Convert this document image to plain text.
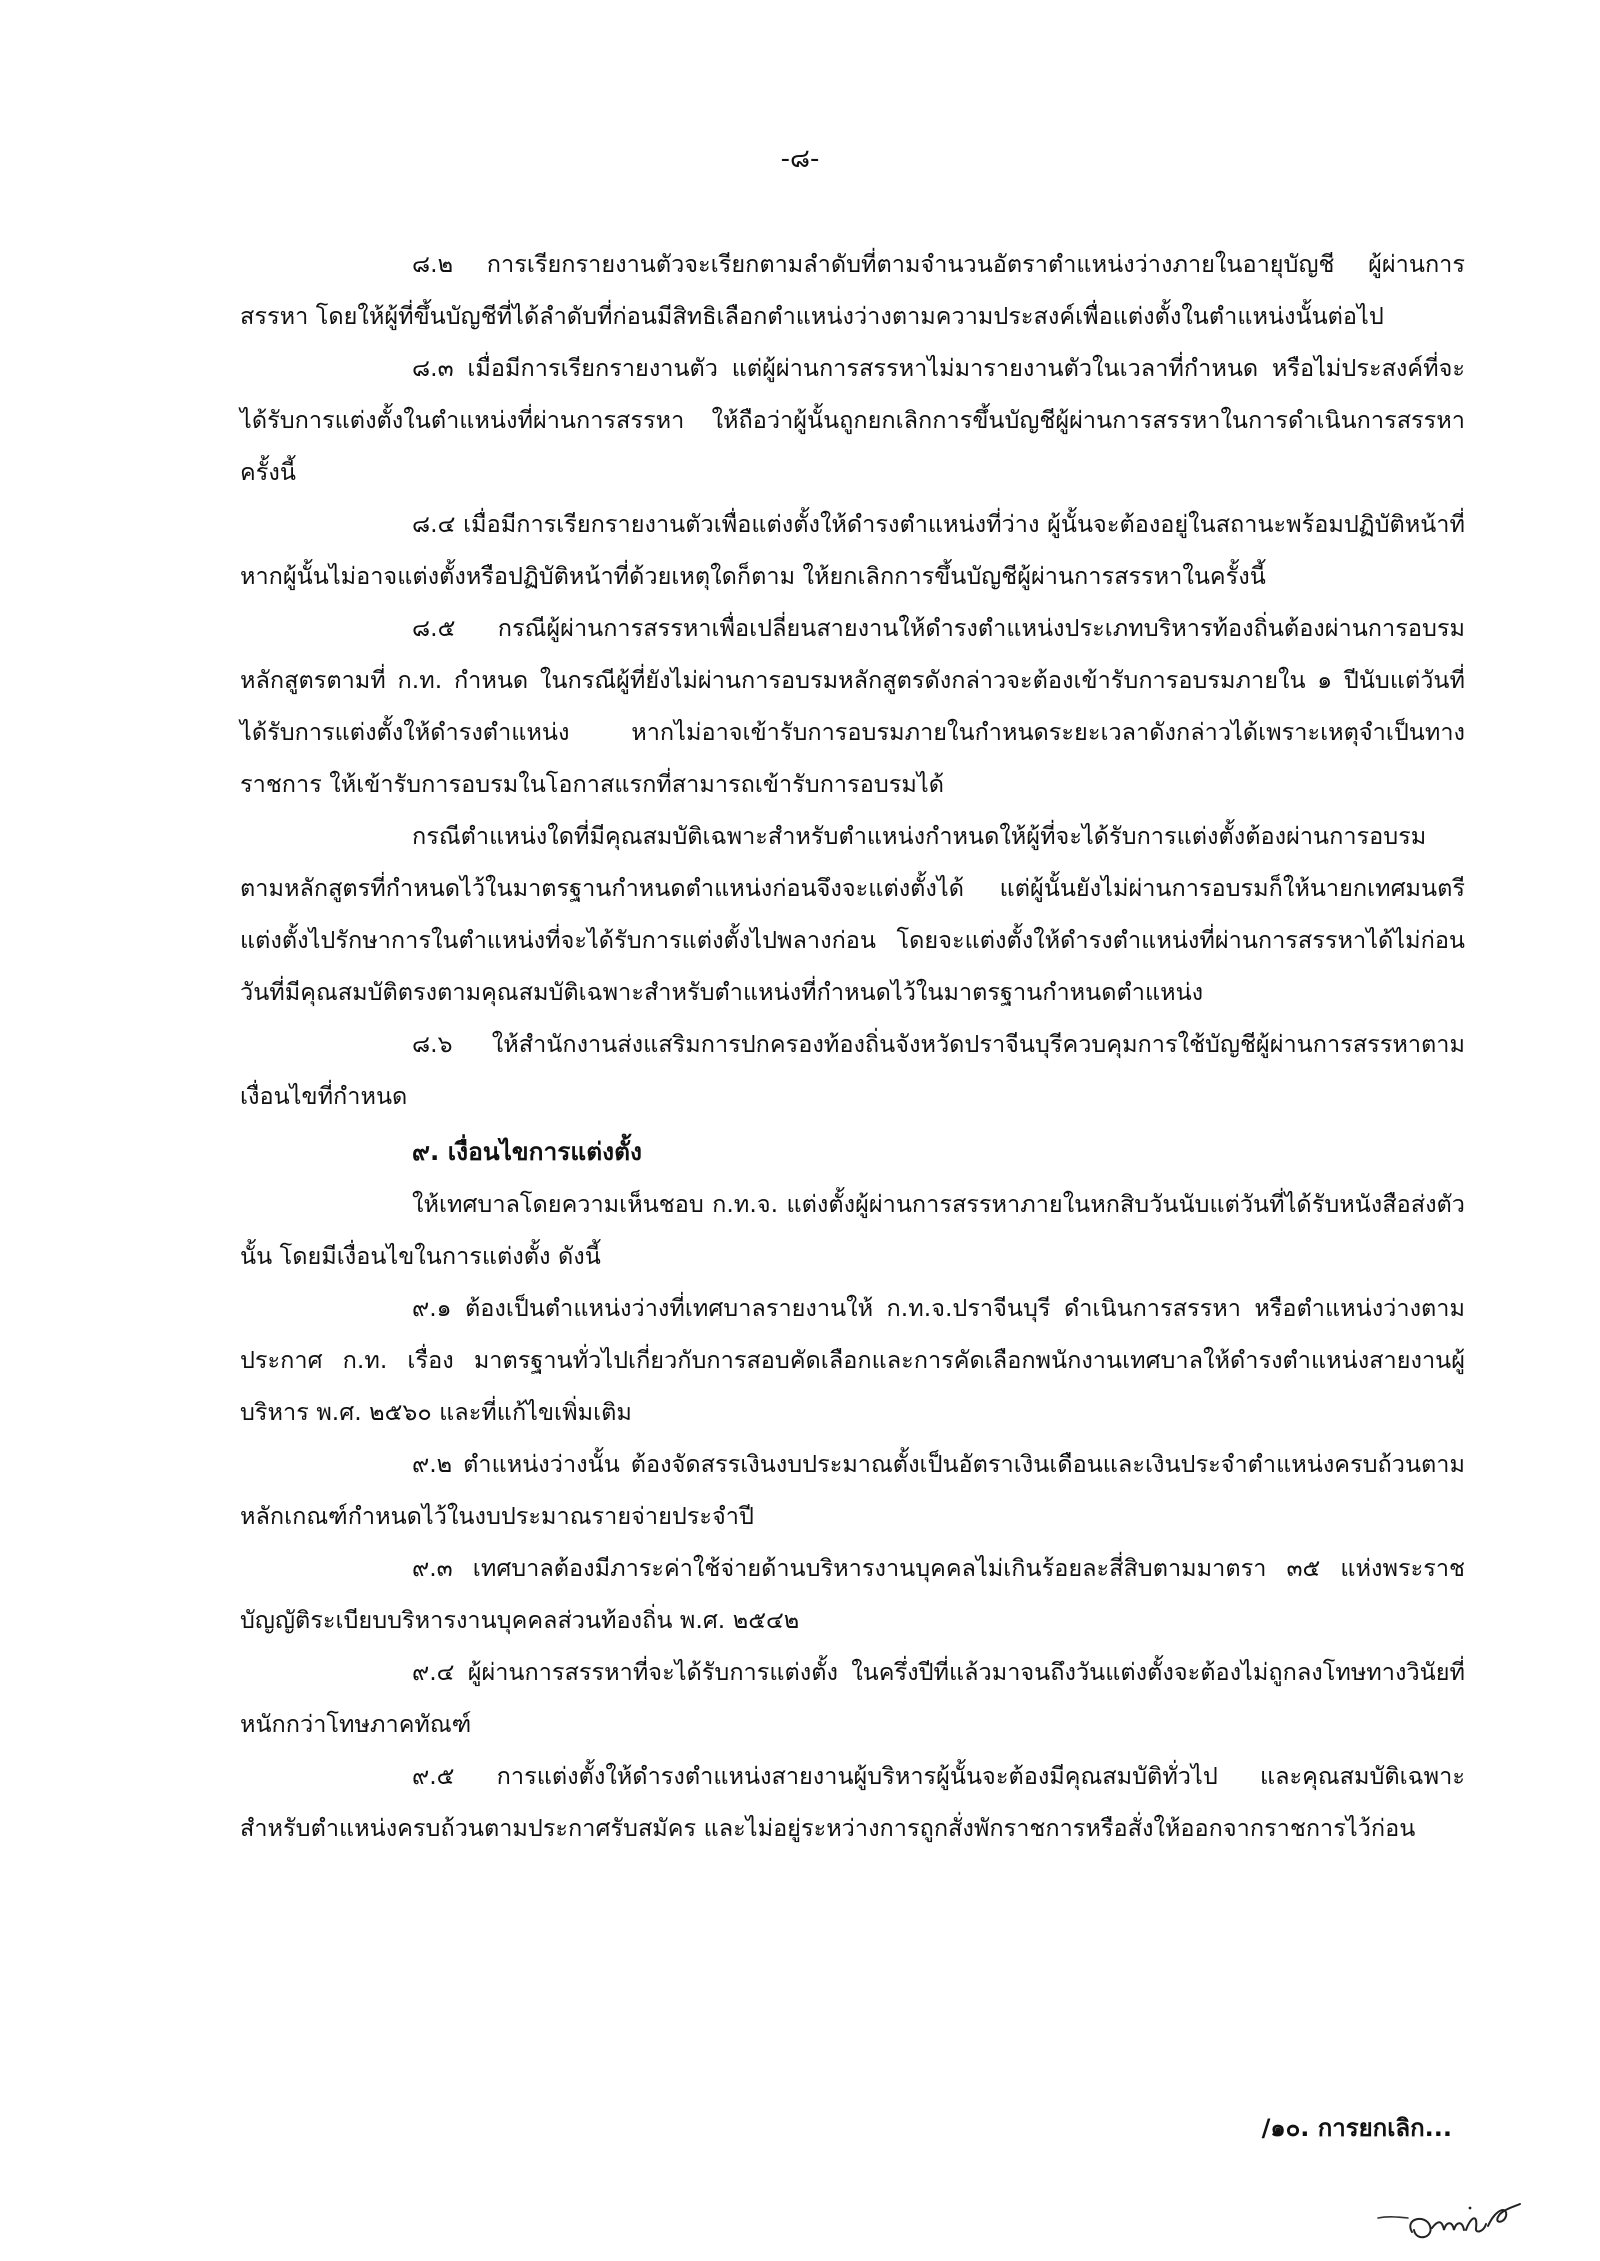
-๘-

๘.๒ การเรียกรายงานตัวจะเรียกตามลำดับที่ตามจำนวนอัตราตำแหน่งว่างภายในอายุบัญชี ผู้ผ่านการสรรหา โดยให้ผู้ที่ขึ้นบัญชีที่ได้ลำดับที่ก่อนมีสิทธิเลือกตำแหน่งว่างตามความประสงค์เพื่อแต่งตั้งในตำแหน่งนั้นต่อไป

๘.๓ เมื่อมีการเรียกรายงานตัว แต่ผู้ผ่านการสรรหาไม่มารายงานตัวในเวลาที่กำหนด หรือไม่ประสงค์ที่จะได้รับการแต่งตั้งในตำแหน่งที่ผ่านการสรรหา ให้ถือว่าผู้นั้นถูกยกเลิกการขึ้นบัญชีผู้ผ่านการสรรหาในการดำเนินการสรรหาครั้งนี้

๘.๔ เมื่อมีการเรียกรายงานตัวเพื่อแต่งตั้งให้ดำรงตำแหน่งที่ว่าง ผู้นั้นจะต้องอยู่ในสถานะพร้อมปฏิบัติหน้าที่ หากผู้นั้นไม่อาจแต่งตั้งหรือปฏิบัติหน้าที่ด้วยเหตุใดก็ตาม ให้ยกเลิกการขึ้นบัญชีผู้ผ่านการสรรหาในครั้งนี้

๘.๕ กรณีผู้ผ่านการสรรหาเพื่อเปลี่ยนสายงานให้ดำรงตำแหน่งประเภทบริหารท้องถิ่นต้องผ่านการอบรมหลักสูตรตามที่ ก.ท. กำหนด ในกรณีผู้ที่ยังไม่ผ่านการอบรมหลักสูตรดังกล่าวจะต้องเข้ารับการอบรมภายใน ๑ ปีนับแต่วันที่ได้รับการแต่งตั้งให้ดำรงตำแหน่ง หากไม่อาจเข้ารับการอบรมภายในกำหนดระยะเวลาดังกล่าวได้เพราะเหตุจำเป็นทางราชการ ให้เข้ารับการอบรมในโอกาสแรกที่สามารถเข้ารับการอบรมได้

กรณีตำแหน่งใดที่มีคุณสมบัติเฉพาะสำหรับตำแหน่งกำหนดให้ผู้ที่จะได้รับการแต่งตั้งต้องผ่านการอบรมตามหลักสูตรที่กำหนดไว้ในมาตรฐานกำหนดตำแหน่งก่อนจึงจะแต่งตั้งได้ แต่ผู้นั้นยังไม่ผ่านการอบรมก็ให้นายกเทศมนตรีแต่งตั้งไปรักษาการในตำแหน่งที่จะได้รับการแต่งตั้งไปพลางก่อน โดยจะแต่งตั้งให้ดำรงตำแหน่งที่ผ่านการสรรหาได้ไม่ก่อนวันที่มีคุณสมบัติตรงตามคุณสมบัติเฉพาะสำหรับตำแหน่งที่กำหนดไว้ในมาตรฐานกำหนดตำแหน่ง

๘.๖ ให้สำนักงานส่งแสริมการปกครองท้องถิ่นจังหวัดปราจีนบุรีควบคุมการใช้บัญชีผู้ผ่านการสรรหาตามเงื่อนไขที่กำหนด

๙. เงื่อนไขการแต่งตั้ง

ให้เทศบาลโดยความเห็นชอบ ก.ท.จ. แต่งตั้งผู้ผ่านการสรรหาภายในหกสิบวันนับแต่วันที่ได้รับหนังสือส่งตัวนั้น โดยมีเงื่อนไขในการแต่งตั้ง ดังนี้

๙.๑ ต้องเป็นตำแหน่งว่างที่เทศบาลรายงานให้ ก.ท.จ.ปราจีนบุรี ดำเนินการสรรหา หรือตำแหน่งว่างตามประกาศ ก.ท. เรื่อง มาตรฐานทั่วไปเกี่ยวกับการสอบคัดเลือกและการคัดเลือกพนักงานเทศบาลให้ดำรงตำแหน่งสายงานผู้บริหาร พ.ศ. ๒๕๖๐ และที่แก้ไขเพิ่มเติม

๙.๒ ตำแหน่งว่างนั้น ต้องจัดสรรเงินงบประมาณตั้งเป็นอัตราเงินเดือนและเงินประจำตำแหน่งครบถ้วนตามหลักเกณฑ์กำหนดไว้ในงบประมาณรายจ่ายประจำปี

๙.๓ เทศบาลต้องมีภาระค่าใช้จ่ายด้านบริหารงานบุคคลไม่เกินร้อยละสี่สิบตามมาตรา ๓๕ แห่งพระราชบัญญัติระเบียบบริหารงานบุคคลส่วนท้องถิ่น พ.ศ. ๒๕๔๒

๙.๔ ผู้ผ่านการสรรหาที่จะได้รับการแต่งตั้ง ในครึ่งปีที่แล้วมาจนถึงวันแต่งตั้งจะต้องไม่ถูกลงโทษทางวินัยที่หนักกว่าโทษภาคทัณฑ์

๙.๕ การแต่งตั้งให้ดำรงตำแหน่งสายงานผู้บริหารผู้นั้นจะต้องมีคุณสมบัติทั่วไป และคุณสมบัติเฉพาะสำหรับตำแหน่งครบถ้วนตามประกาศรับสมัคร และไม่อยู่ระหว่างการถูกสั่งพักราชการหรือสั่งให้ออกจากราชการไว้ก่อน

/๑๐. การยกเลิก...
